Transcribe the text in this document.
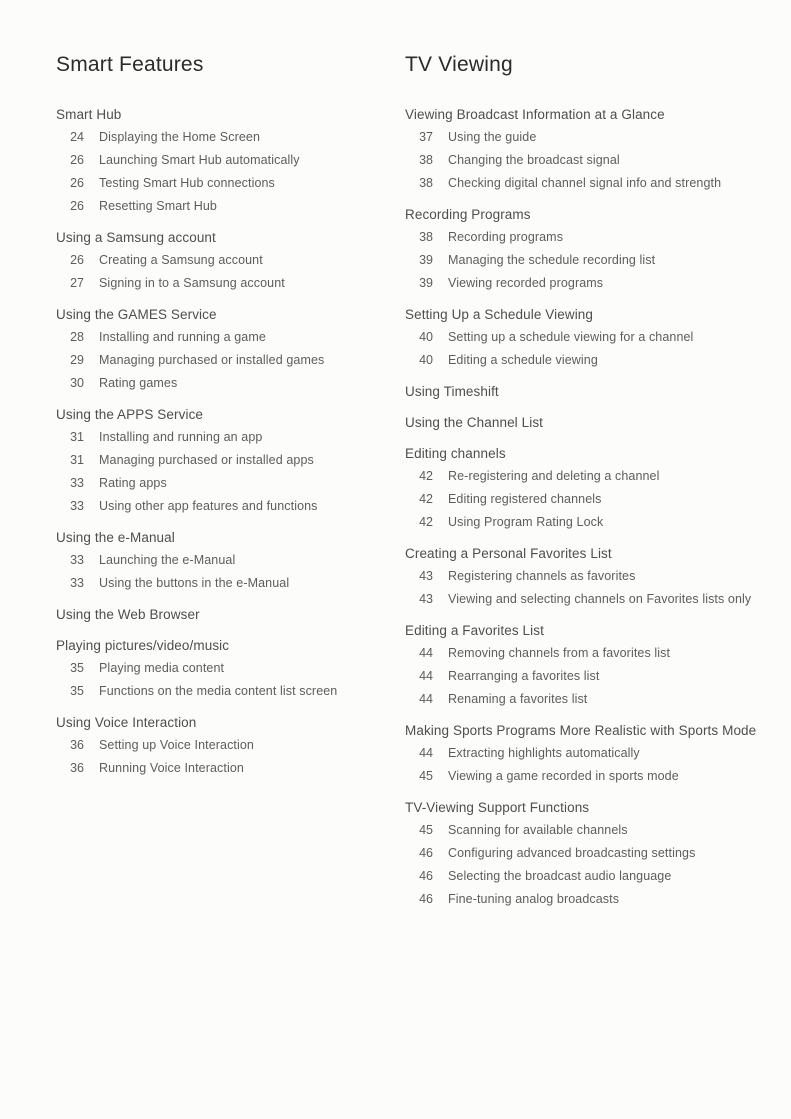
Smart Features
Smart Hub
24 Displaying the Home Screen
26 Launching Smart Hub automatically
26 Testing Smart Hub connections
26 Resetting Smart Hub
Using a Samsung account
26 Creating a Samsung account
27 Signing in to a Samsung account
Using the GAMES Service
28 Installing and running a game
29 Managing purchased or installed games
30 Rating games
Using the APPS Service
31 Installing and running an app
31 Managing purchased or installed apps
33 Rating apps
33 Using other app features and functions
Using the e-Manual
33 Launching the e-Manual
33 Using the buttons in the e-Manual
Using the Web Browser
Playing pictures/video/music
35 Playing media content
35 Functions on the media content list screen
Using Voice Interaction
36 Setting up Voice Interaction
36 Running Voice Interaction
TV Viewing
Viewing Broadcast Information at a Glance
37 Using the guide
38 Changing the broadcast signal
38 Checking digital channel signal info and strength
Recording Programs
38 Recording programs
39 Managing the schedule recording list
39 Viewing recorded programs
Setting Up a Schedule Viewing
40 Setting up a schedule viewing for a channel
40 Editing a schedule viewing
Using Timeshift
Using the Channel List
Editing channels
42 Re-registering and deleting a channel
42 Editing registered channels
42 Using Program Rating Lock
Creating a Personal Favorites List
43 Registering channels as favorites
43 Viewing and selecting channels on Favorites lists only
Editing a Favorites List
44 Removing channels from a favorites list
44 Rearranging a favorites list
44 Renaming a favorites list
Making Sports Programs More Realistic with Sports Mode
44 Extracting highlights automatically
45 Viewing a game recorded in sports mode
TV-Viewing Support Functions
45 Scanning for available channels
46 Configuring advanced broadcasting settings
46 Selecting the broadcast audio language
46 Fine-tuning analog broadcasts
